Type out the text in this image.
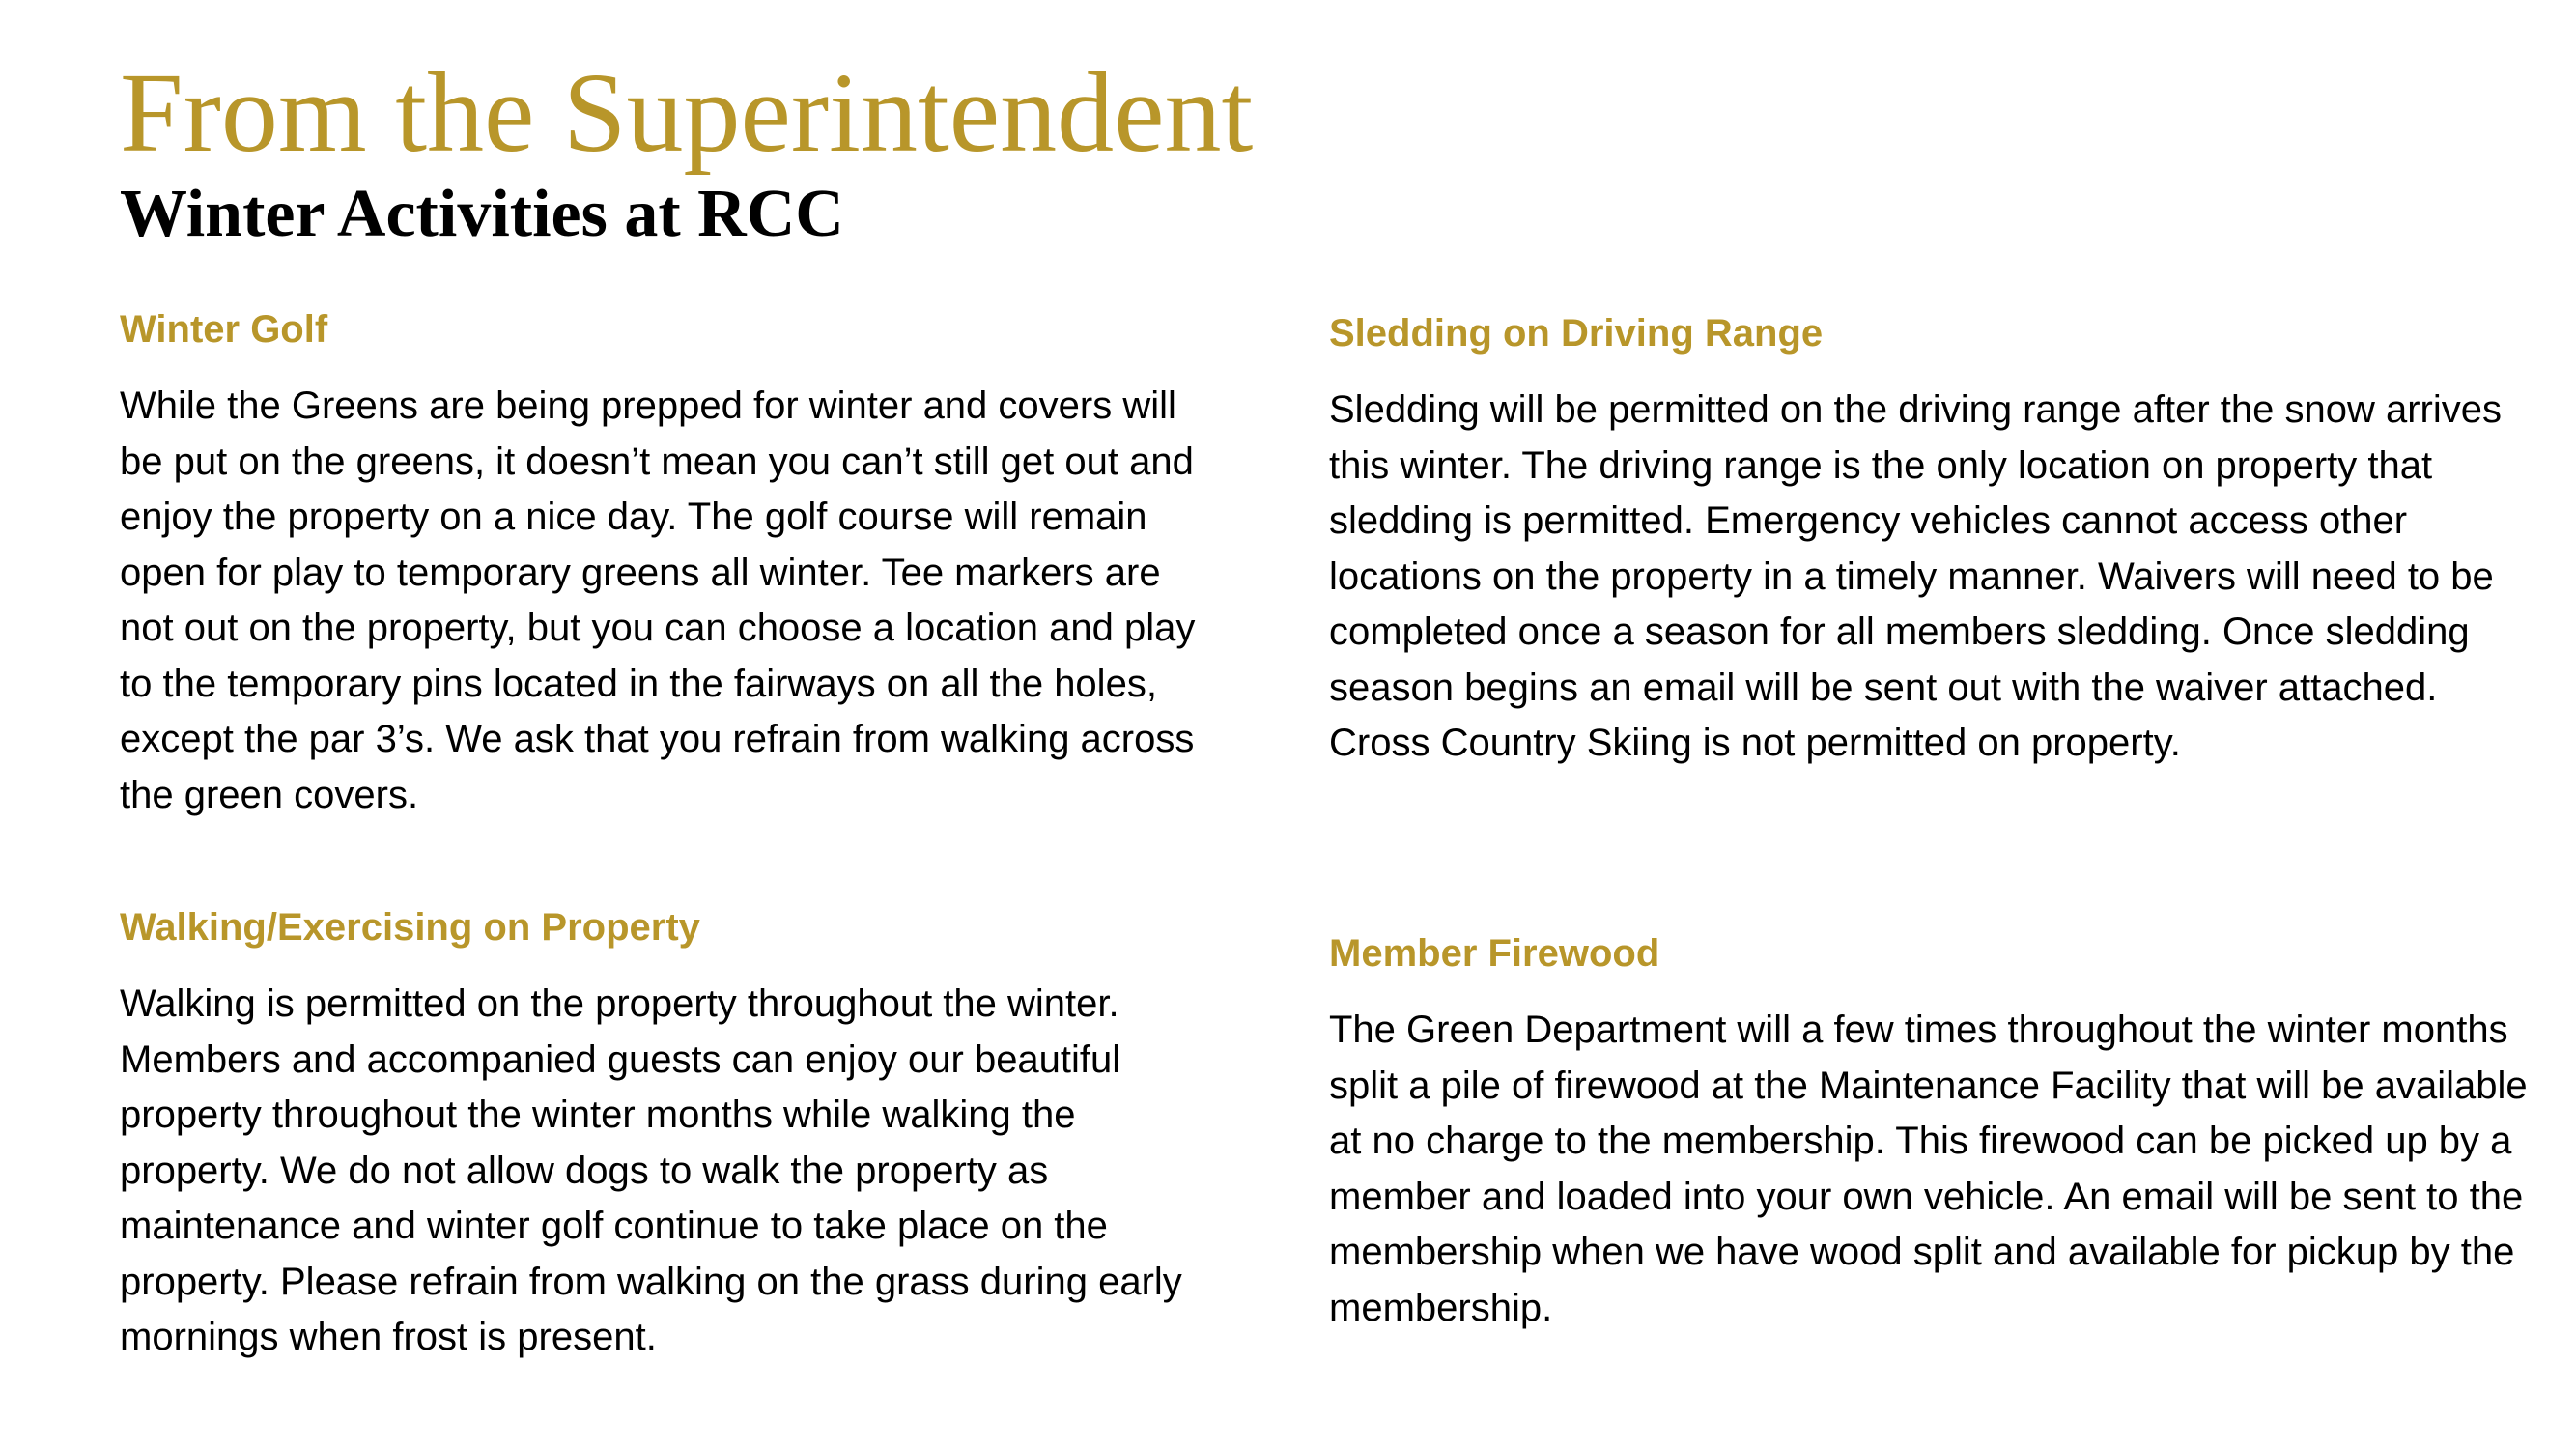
From the Superintendent
Winter Activities at RCC
Winter Golf

While the Greens are being prepped for winter and covers will be put on the greens, it doesn’t mean you can’t still get out and enjoy the property on a nice day. The golf course will remain open for play to temporary greens all winter. Tee markers are not out on the property, but you can choose a location and play to the temporary pins located in the fairways on all the holes, except the par 3’s. We ask that you refrain from walking across the green covers.

Walking/Exercising on Property

Walking is permitted on the property throughout the winter. Members and accompanied guests can enjoy our beautiful property throughout the winter months while walking the property. We do not allow dogs to walk the property as maintenance and winter golf continue to take place on the property. Please refrain from walking on the grass during early mornings when frost is present.

Sledding on Driving Range

Sledding will be permitted on the driving range after the snow arrives this winter. The driving range is the only location on property that sledding is permitted. Emergency vehicles cannot access other locations on the property in a timely manner. Waivers will need to be completed once a season for all members sledding. Once sledding season begins an email will be sent out with the waiver attached. Cross Country Skiing is not permitted on property.

Member Firewood

The Green Department will a few times throughout the winter months split a pile of firewood at the Maintenance Facility that will be available at no charge to the membership. This firewood can be picked up by a member and loaded into your own vehicle. An email will be sent to the membership when we have wood split and available for pickup by the membership.
